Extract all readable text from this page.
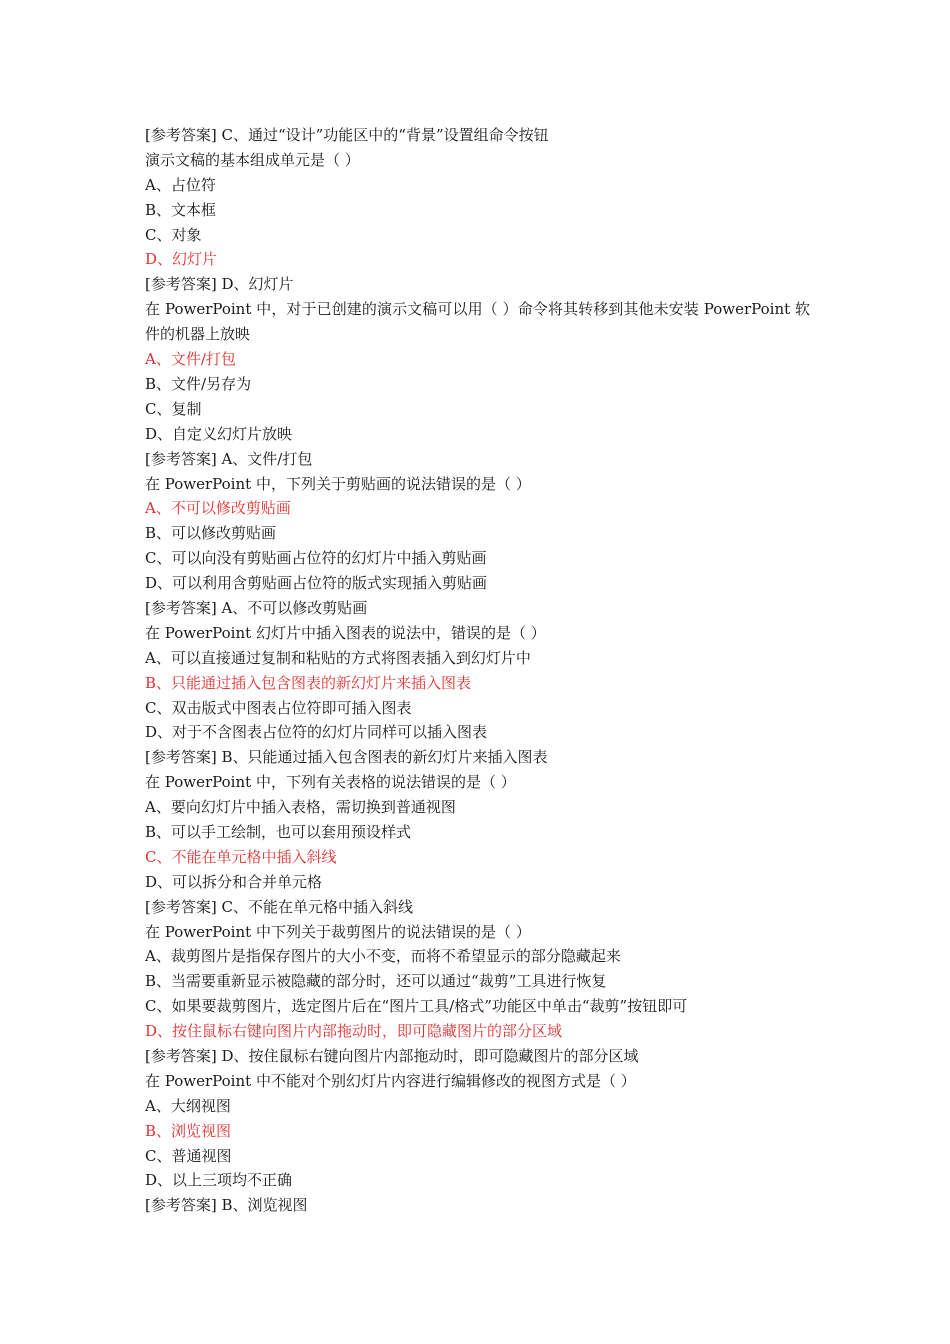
[参考答案] C、通过“设计”功能区中的“背景”设置组命令按钮
演示文稿的基本组成单元是（ ）
A、占位符
B、文本框
C、对象
D、幻灯片
[参考答案] D、幻灯片
在 PowerPoint 中，对于已创建的演示文稿可以用（ ）命令将其转移到其他未安装 PowerPoint 软件的机器上放映
A、文件/打包
B、文件/另存为
C、复制
D、自定义幻灯片放映
[参考答案] A、文件/打包
在 PowerPoint 中，下列关于剪贴画的说法错误的是（ ）
A、不可以修改剪贴画
B、可以修改剪贴画
C、可以向没有剪贴画占位符的幻灯片中插入剪贴画
D、可以利用含剪贴画占位符的版式实现插入剪贴画
[参考答案] A、不可以修改剪贴画
在 PowerPoint 幻灯片中插入图表的说法中，错误的是（ ）
A、可以直接通过复制和粘贴的方式将图表插入到幻灯片中
B、只能通过插入包含图表的新幻灯片来插入图表
C、双击版式中图表占位符即可插入图表
D、对于不含图表占位符的幻灯片同样可以插入图表
[参考答案] B、只能通过插入包含图表的新幻灯片来插入图表
在 PowerPoint 中，下列有关表格的说法错误的是（ ）
A、要向幻灯片中插入表格，需切换到普通视图
B、可以手工绘制，也可以套用预设样式
C、不能在单元格中插入斜线
D、可以拆分和合并单元格
[参考答案] C、不能在单元格中插入斜线
在 PowerPoint 中下列关于裁剪图片的说法错误的是（ ）
A、裁剪图片是指保存图片的大小不变，而将不希望显示的部分隐藏起来
B、当需要重新显示被隐藏的部分时，还可以通过“裁剪”工具进行恢复
C、如果要裁剪图片，选定图片后在“图片工具/格式”功能区中单击“裁剪”按钮即可
D、按住鼠标右键向图片内部拖动时，即可隐藏图片的部分区域
[参考答案] D、按住鼠标右键向图片内部拖动时，即可隐藏图片的部分区域
在 PowerPoint 中不能对个别幻灯片内容进行编辑修改的视图方式是（ ）
A、大纲视图
B、浏览视图
C、普通视图
D、以上三项均不正确
[参考答案] B、浏览视图
